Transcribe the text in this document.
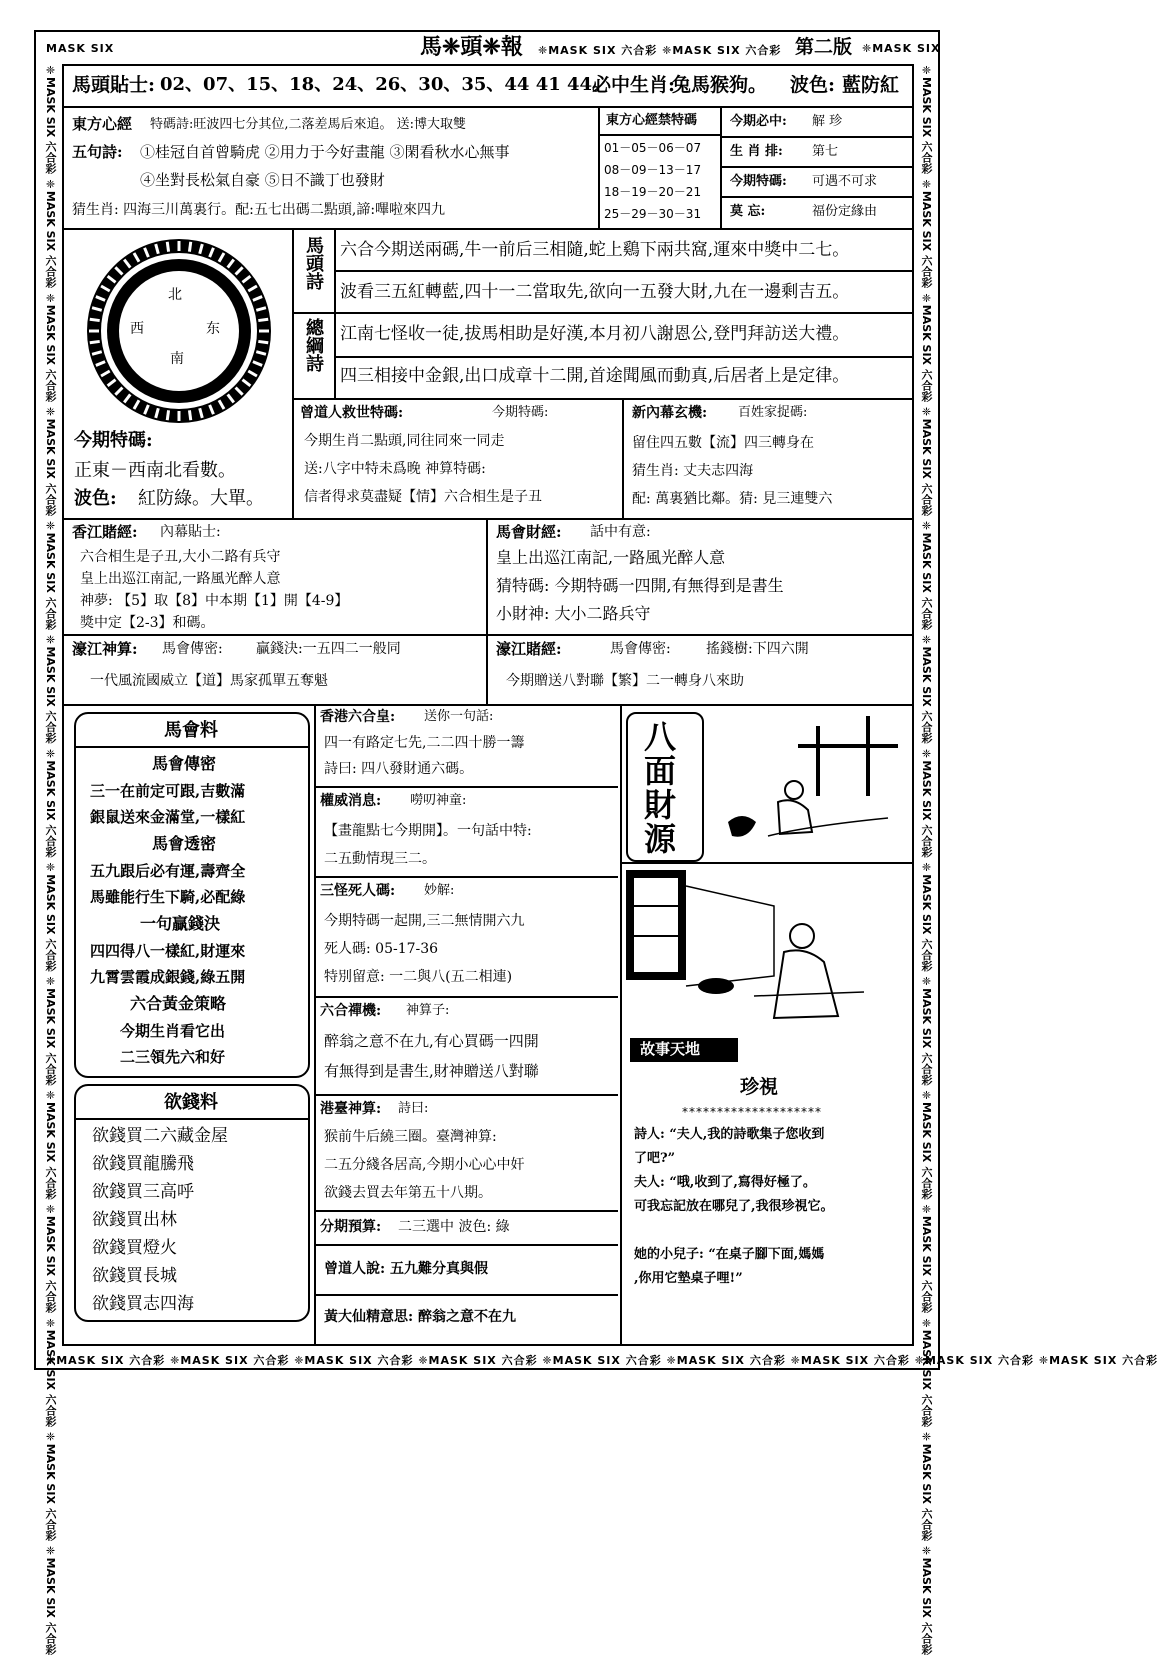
MASK SIX	❈MASK SIX
❈MASK SIX 六合彩 ❈MASK SIX 六合彩 ❈MASK SIX 六合彩 ❈MASK SIX 六合彩 ❈MASK SIX 六合彩 ❈MASK SIX 六合彩 ❈MASK SIX 六合彩 ❈MASK SIX 六合彩 ❈MASK SIX 六合彩
❈MASK SIX 六合彩 ❈MASK SIX 六合彩 ❈MASK SIX 六合彩 ❈MASK SIX 六合彩 ❈MASK SIX 六合彩 ❈MASK SIX 六合彩 ❈MASK SIX 六合彩 ❈MASK SIX 六合彩 ❈MASK SIX 六合彩 ❈MASK SIX 六合彩 ❈MASK SIX 六合彩 ❈MASK SIX 六合彩 ❈MASK SIX 六合彩 ❈MASK SIX 六合彩	❈MASK SIX 六合彩 ❈MASK SIX 六合彩 ❈MASK SIX 六合彩 ❈MASK SIX 六合彩 ❈MASK SIX 六合彩 ❈MASK SIX 六合彩 ❈MASK SIX 六合彩 ❈MASK SIX 六合彩 ❈MASK SIX 六合彩 ❈MASK SIX 六合彩 ❈MASK SIX 六合彩 ❈MASK SIX 六合彩 ❈MASK SIX 六合彩 ❈MASK SIX 六合彩
馬❈頭❈報 ❈MASK SIX 六合彩 ❈MASK SIX 六合彩 第二版
馬頭貼士: 02、07、15、18、24、26、30、35、44 41 44。
必中生肖:
兔馬猴狗。 波色: 藍防紅
東方心經 特碼詩:旺波四七分其位,二落差馬后來追。 送:博大取雙
五句詩: ①桂冠自首曾騎虎 ②用力于今好畫龍 ③閑看秋水心無事
④坐對長松氣自豪 ⑤日不識丁也發財
猜生肖: 四海三川萬裏行。配:五七出碼二點頭,諦:嗶啦來四九
東方心經禁特碼
01－05－06－07
08－09－13－17
18－19－20－21
25－29－30－31
今期必中: 解 珍
生 肖 排: 第七
今期特碼: 可遇不可求
莫 忘:	福份定緣由
北
西	东
南
今期特碼:
正東－西南北看數。
波色: 紅防綠。大單。
馬頭詩 六合今期送兩碼,牛一前后三相隨,蛇上鷄下兩共窩,運來中獎中二七。
波看三五紅轉藍,四十一二當取先,欲向一五發大財,九在一邊剩吉五。
總綱詩 江南七怪收一徒,拔馬相助是好漢,本月初八謝恩公,登門拜訪送大禮。
四三相接中金銀,出口成章十二開,首途聞風而動真,后居者上是定律。
曾道人救世特碼:	今期特碼:
今期生肖二點頭,同往同來一同走
送:八字中特未爲晚 神算特碼:
信者得求莫盡疑【情】六合相生是子丑
新內幕玄機: 百姓家捉碼:
留住四五數【流】四三轉身在
猜生肖: 丈夫志四海
配: 萬裏猶比鄰。猜: 見三連雙六
香江賭經: 內幕貼士:
六合相生是子丑,大小二路有兵守
皇上出巡江南記,一路風光醉人意
神夢: 【5】取【8】中本期【1】開【4-9】
獎中定【2-3】和碼。
馬會財經: 話中有意:
皇上出巡江南記,一路風光醉人意
猜特碼: 今期特碼一四開,有無得到是書生
小財神: 大小二路兵守
濠江神算: 馬會傳密: 贏錢決:一五四二一般同
一代風流國威立【道】馬家孤單五奪魁
濠江賭經:	馬會傳密:	搖錢樹:下四六開
今期贈送八對聯【繁】二一轉身八來助
馬會料
馬會傳密
三一在前定可跟,吉數滿
銀鼠送來金滿堂,一樣紅
馬會透密
五九跟后必有運,壽齊全
馬雖能行生下騎,必配綠
一句贏錢決
四四得八一樣紅,財運來
九霄雲霞成銀錢,綠五開
六合黃金策略
今期生肖看它出
二三領先六和好
欲錢料
欲錢買二六藏金屋
欲錢買龍騰飛
欲錢買三高呼
欲錢買出林
欲錢買燈火
欲錢買長城
欲錢買志四海
香港六合皇: 送你一句話:
四一有路定七先,二二四十勝一籌
詩曰: 四八發財通六碼。
權威消息: 嘮叨神童:
【畫龍點七今期開】。一句話中特:
二五動情現三二。
三怪死人碼: 妙解:
今期特碼一起開,三二無情開六九
死人碼: 05-17-36
特別留意: 一二與八(五二相連)
六合禪機: 神算子:
醉翁之意不在九,有心買碼一四開
有無得到是書生,財神贈送八對聯
港臺神算: 詩曰:
猴前牛后繞三圈。臺灣神算:
二五分綫各居高,今期小心心中奸
欲錢去買去年第五十八期。
分期預算: 二三選中 波色: 綠
曾道人說: 五九難分真與假
黃大仙精意思: 醉翁之意不在九
八面財源
故事天地
珍視
********************
詩人: “夫人,我的詩歌集子您收到
了吧?”
夫人: “哦,收到了,寫得好極了。
可我忘記放在哪兒了,我很珍視它。
她的小兒子: “在桌子腳下面,媽媽
,你用它墊桌子哩!”
